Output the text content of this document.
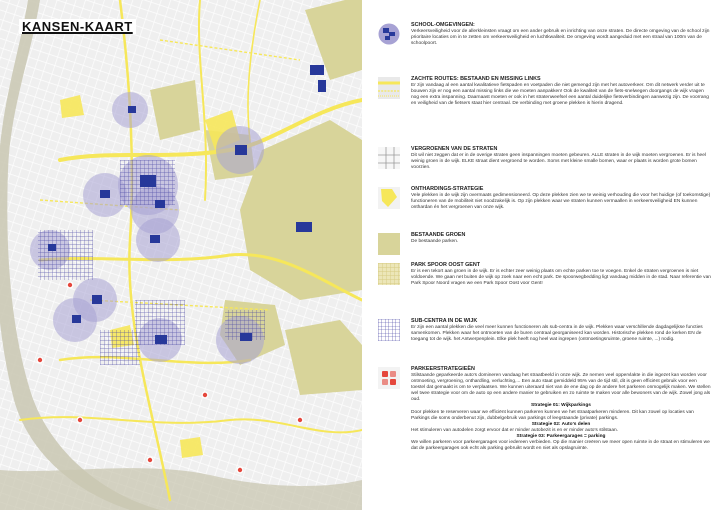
KANSEN-KAART	SCHOOL-OMGEVINGEN:

Verkeersveiligheid voor de allerkleinsten vraagt om een ander gebruik en inrichting van onze straten. De directe omgeving van de school zijn prioritaire locaties om in te zetten om verkeersveiligheid en luchtkwaliteit. De omgeving wordt aangeduid met een straal van 100m van de schoolpoort.

ZACHTE ROUTES: BESTAAND EN MISSING LINKS

Er zijn vandaag al een aantal kwalitatieve fietspaden en voetpaden die niet gemengd zijn met het autoverkeer. Om dit netwerk verder uit te bouwen zijn er nog een aantal missing links die we moeten aanpakken! Ook de kwaliteit van de fiets-snelwegen doorgangs de wijk vragen nog een extra inspanning. Daarnaast moeten er ook in het stratenweefsel een aantal duidelijke fietsverbindingen aanwezig zijn. De voorrang en veiligheid van de fietsers staat hier centraal. De verbinding met groene plekken is hierin dragend.

VERGROENEN VAN DE STRATEN

Dit wil niet zeggen dat er in de overige straten geen inspanningen moeten gebeuren. ALLE straten in de wijk moeten vergroenen. Er is heel weinig groen in de wijk. ELKE straat dient vergroend te worden. Soms met kleine smalle bomen, waar er plaats is worden grote bomen voorzien.

ONTHARDINGS-STRATEGIE

Vele plekken in de wijk zijn overmaats gedimensioneerd. Op deze plekken zien we te weinig verhouding die voor het huidige (of toekomstige) functioneren van de mobiliteit niet noodzakelijk is. Op zijn plekken waar we straten kunnen vermaallen in verkeersveiligheid EN kunnen onthardan én het vergroenen van onze wijk.

BESTAANDE GROEN

De bestaande parken.

PARK SPOOR OOST GENT

Er is een tekort aan groen in de wijk. Er is echter zeer weinig plaats om echte parken toe te voegen. Enkel de straten vergroenen is niet voldoende. We gaan net buiten de wijk op zoek naar een echt park. De spoorwegbedding ligt vandaag midden in de stad. Naar referentie van Park Spoor Noord vragen we een Park Spoor Oost voor Gent!

SUB-CENTRA IN DE WIJK

Er zijn een aantal plekken die veel meer kunnen functioneren als sub-centra in de wijk. Plekken waar verschillende dagdagelijkse functies samenkomen. Plekken waar het ontmoeten van de buren centraal georganiseerd kan worden. Historische plekken rond de kerken EN de toegang tot de wijk. het Antwerpenplein. Elke plek heeft nog heel wat ingrepen (ontmoetingsruimte, groene ruimte, ...) nodig.

PARKEERSTRATEGIEËN

Stilstaande geparkeerde auto's domineren vandaag het straatbeeld in onze wijk. Ze nemen veel oppervlakte in die ingezet kan worden voor ontmoeting, vergroening, onthardling, verluchting,... Een auto staat gemiddeld 95% van de tijd stil, dit is geen efficiënt gebruik voor een toestel dat gemaakt is om te verplaatsen. We kunnen uiteraard niet van de ene dag op de andere het parkeren onmogelijk maken. We stellen wel twee strategie voor om de auto op een andere manier te gebruiken en zo ruimte te maken voor alle bewoners van de wijk. Zowel jong als oud.

Strategie 01: Wijkparkings

Door plekken te reserveren waar we efficiënt kunnen parkeren kunnen we het straatparkeren minderen. Dit kan zowel op locaties van Parkings die soms onderbenut zijn, dubbelgebruik van parkings of leegstaande (private) parkings.

Strategie 02: Auto's delen

Het stimuleren van autodelen zorgt ervoor dat er minder autobezit is en er minder auto's stilstaan.

Strategie 03: Parkeergarages = parking

We willen parkeren voor parkeergarages voor iedereen verbieden. Op die manier creëren we meer open ruimte in de straat en stimuleren we dat de parkeergarages ook echt als parking gebruikt wordt en niet als opslagruimte.
